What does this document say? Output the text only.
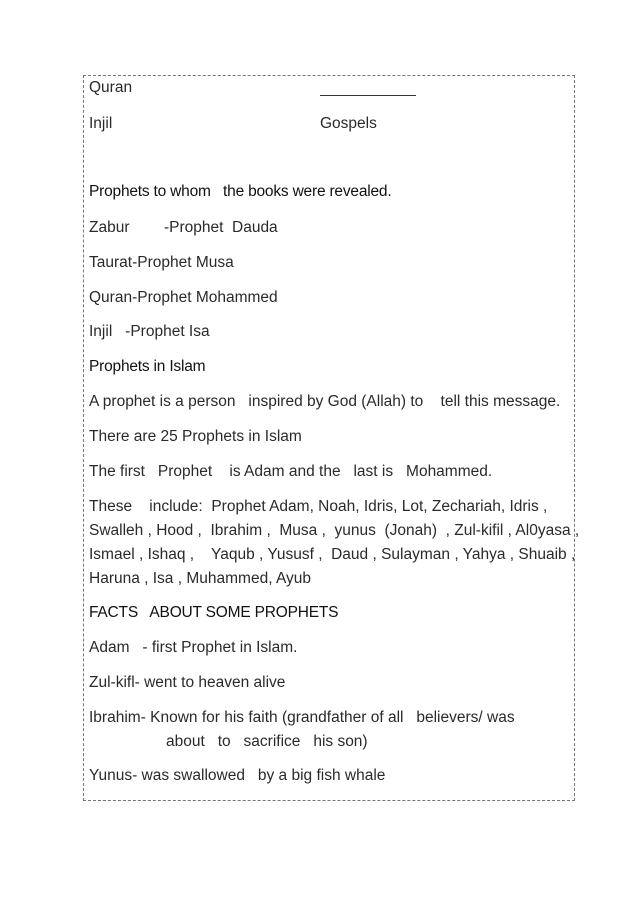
Quran
Injil	Gospels
Prophets to whom   the books were revealed.
Zabur        -Prophet  Dauda
Taurat-Prophet Musa
Quran-Prophet Mohammed
Injil   -Prophet Isa
Prophets in Islam
A prophet is a person   inspired by God (Allah) to    tell this message.
There are 25 Prophets in Islam
The first   Prophet    is Adam and the   last is   Mohammed.
These    include:  Prophet Adam, Noah, Idris, Lot, Zechariah, Idris ,
Swalleh , Hood ,  Ibrahim ,  Musa ,  yunus  (Jonah)  , Zul-kifil , Al0yasa ,
Ismael , Ishaq ,    Yaqub , Yususf ,  Daud , Sulayman , Yahya , Shuaib ,
Haruna , Isa , Muhammed, Ayub
FACTS   ABOUT SOME PROPHETS
Adam   - first Prophet in Islam.
Zul-kifl- went to heaven alive
Ibrahim- Known for his faith (grandfather of all   believers/ was
about   to   sacrifice   his son)
Yunus- was swallowed   by a big fish whale
